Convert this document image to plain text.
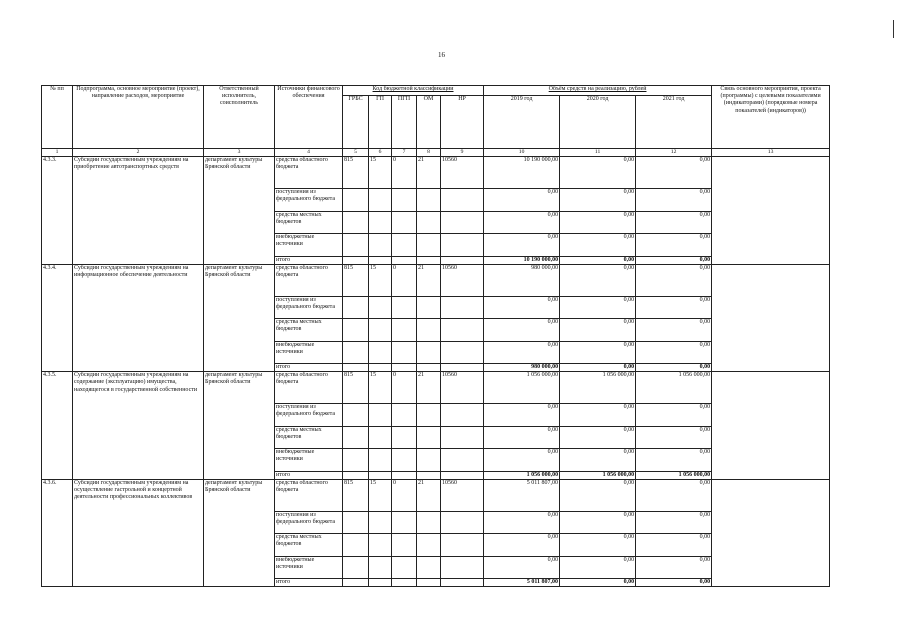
16
№ пп	Подпрограмма, основное мероприятие (проект), направление расходов, мероприятие	Ответственный исполнитель, соисполнитель	Источники финансового обеспечения	Код бюджетной классификации					Объём средств на реализацию, рублей			Связь основного мероприятия, проекта (программы) с целевыми показателями (индикаторами) (порядковые номера показателей (индикаторов))
				ГРБС	ГП	ПГП	ОМ	НР	2019 год	2020 год	2021 год	
1	2	3	4	5	6	7	8	9	10	11	12	13
4.3.3.	Субсидии государственным учреждениям на приобретение автотранспортных средств	департамент культуры Брянской области	средства областного бюджета	815	15	0	21	10560	10 190 000,00	0,00	0,00	
			поступления из федерального бюджета						0,00	0,00	0,00	
			средства местных бюджетов						0,00	0,00	0,00	
			внебюджетные источники						0,00	0,00	0,00	
			итого						10 190 000,00	0,00	0,00	
4.3.4.	Субсидии государственным учреждениям на информационное обеспечение деятельности	департамент культуры Брянской области	средства областного бюджета	815	15	0	21	10560	980 000,00	0,00	0,00	
			поступления из федерального бюджета						0,00	0,00	0,00	
			средства местных бюджетов						0,00	0,00	0,00	
			внебюджетные источники						0,00	0,00	0,00	
			итого						980 000,00	0,00	0,00	
4.3.5.	Субсидии государственным учреждениям на содержание (эксплуатацию) имущества, находящегося в государственной собственности	департамент культуры Брянской области	средства областного бюджета	815	15	0	21	10560	1 056 000,00	1 056 000,00	1 056 000,00	
			поступления из федерального бюджета						0,00	0,00	0,00	
			средства местных бюджетов						0,00	0,00	0,00	
			внебюджетные источники						0,00	0,00	0,00	
			итого						1 056 000,00	1 056 000,00	1 056 000,00	
4.3.6.	Субсидии государственным учреждениям на осуществление гастрольной и концертной деятельности профессиональных коллективов	департамент культуры Брянской области	средства областного бюджета	815	15	0	21	10560	5 011 807,00	0,00	0,00	
			поступления из федерального бюджета						0,00	0,00	0,00	
			средства местных бюджетов						0,00	0,00	0,00	
			внебюджетные источники						0,00	0,00	0,00	
			итого						5 011 807,00	0,00	0,00	
